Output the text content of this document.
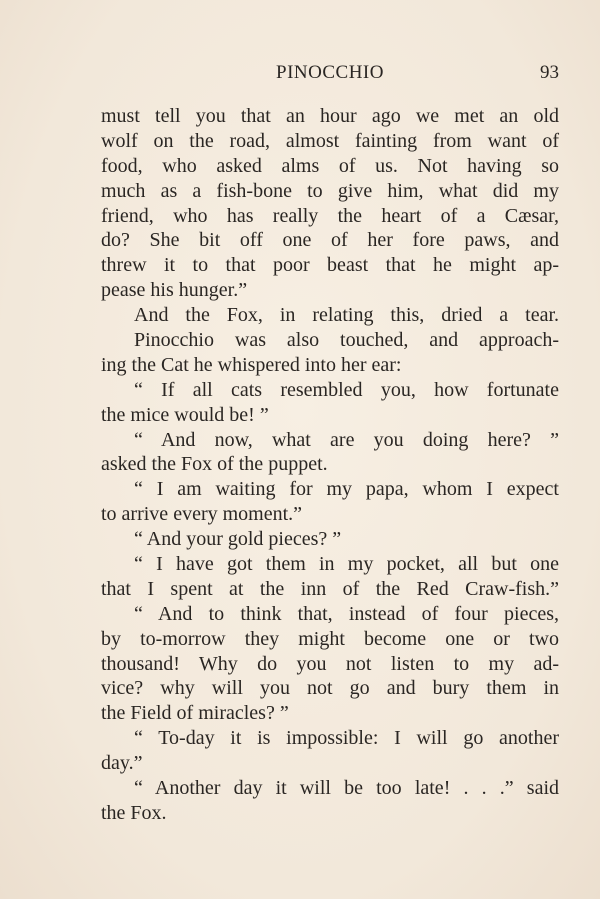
PINOCCHIO	93
must tell you that an hour ago we met an old
wolf on the road, almost fainting from want of
food, who asked alms of us. Not having so
much as a fish-bone to give him, what did my
friend, who has really the heart of a Cæsar,
do? She bit off one of her fore paws, and
threw it to that poor beast that he might ap-
pease his hunger.”
And the Fox, in relating this, dried a tear.
Pinocchio was also touched, and approach-
ing the Cat he whispered into her ear:
“ If all cats resembled you, how fortunate
the mice would be! ”
“ And now, what are you doing here? ”
asked the Fox of the puppet.
“ I am waiting for my papa, whom I expect
to arrive every moment.”
“ And your gold pieces? ”
“ I have got them in my pocket, all but one
that I spent at the inn of the Red Craw-fish.”
“ And to think that, instead of four pieces,
by to-morrow they might become one or two
thousand! Why do you not listen to my ad-
vice? why will you not go and bury them in
the Field of miracles? ”
“ To-day it is impossible: I will go another
day.”
“ Another day it will be too late! . . .” said
the Fox.
